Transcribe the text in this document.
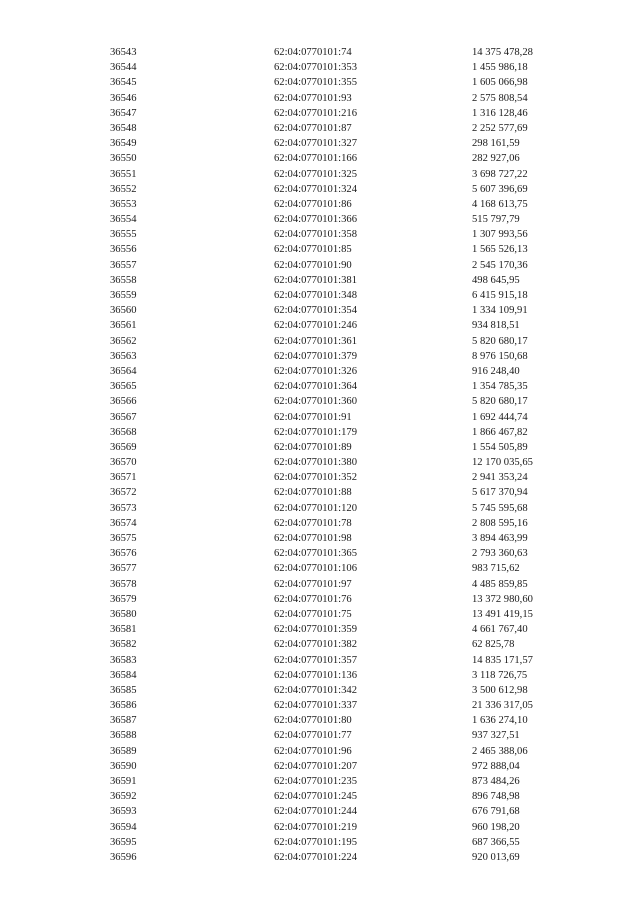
36543	62:04:0770101:74	14 375 478,28
36544	62:04:0770101:353	1 455 986,18
36545	62:04:0770101:355	1 605 066,98
36546	62:04:0770101:93	2 575 808,54
36547	62:04:0770101:216	1 316 128,46
36548	62:04:0770101:87	2 252 577,69
36549	62:04:0770101:327	298 161,59
36550	62:04:0770101:166	282 927,06
36551	62:04:0770101:325	3 698 727,22
36552	62:04:0770101:324	5 607 396,69
36553	62:04:0770101:86	4 168 613,75
36554	62:04:0770101:366	515 797,79
36555	62:04:0770101:358	1 307 993,56
36556	62:04:0770101:85	1 565 526,13
36557	62:04:0770101:90	2 545 170,36
36558	62:04:0770101:381	498 645,95
36559	62:04:0770101:348	6 415 915,18
36560	62:04:0770101:354	1 334 109,91
36561	62:04:0770101:246	934 818,51
36562	62:04:0770101:361	5 820 680,17
36563	62:04:0770101:379	8 976 150,68
36564	62:04:0770101:326	916 248,40
36565	62:04:0770101:364	1 354 785,35
36566	62:04:0770101:360	5 820 680,17
36567	62:04:0770101:91	1 692 444,74
36568	62:04:0770101:179	1 866 467,82
36569	62:04:0770101:89	1 554 505,89
36570	62:04:0770101:380	12 170 035,65
36571	62:04:0770101:352	2 941 353,24
36572	62:04:0770101:88	5 617 370,94
36573	62:04:0770101:120	5 745 595,68
36574	62:04:0770101:78	2 808 595,16
36575	62:04:0770101:98	3 894 463,99
36576	62:04:0770101:365	2 793 360,63
36577	62:04:0770101:106	983 715,62
36578	62:04:0770101:97	4 485 859,85
36579	62:04:0770101:76	13 372 980,60
36580	62:04:0770101:75	13 491 419,15
36581	62:04:0770101:359	4 661 767,40
36582	62:04:0770101:382	62 825,78
36583	62:04:0770101:357	14 835 171,57
36584	62:04:0770101:136	3 118 726,75
36585	62:04:0770101:342	3 500 612,98
36586	62:04:0770101:337	21 336 317,05
36587	62:04:0770101:80	1 636 274,10
36588	62:04:0770101:77	937 327,51
36589	62:04:0770101:96	2 465 388,06
36590	62:04:0770101:207	972 888,04
36591	62:04:0770101:235	873 484,26
36592	62:04:0770101:245	896 748,98
36593	62:04:0770101:244	676 791,68
36594	62:04:0770101:219	960 198,20
36595	62:04:0770101:195	687 366,55
36596	62:04:0770101:224	920 013,69
